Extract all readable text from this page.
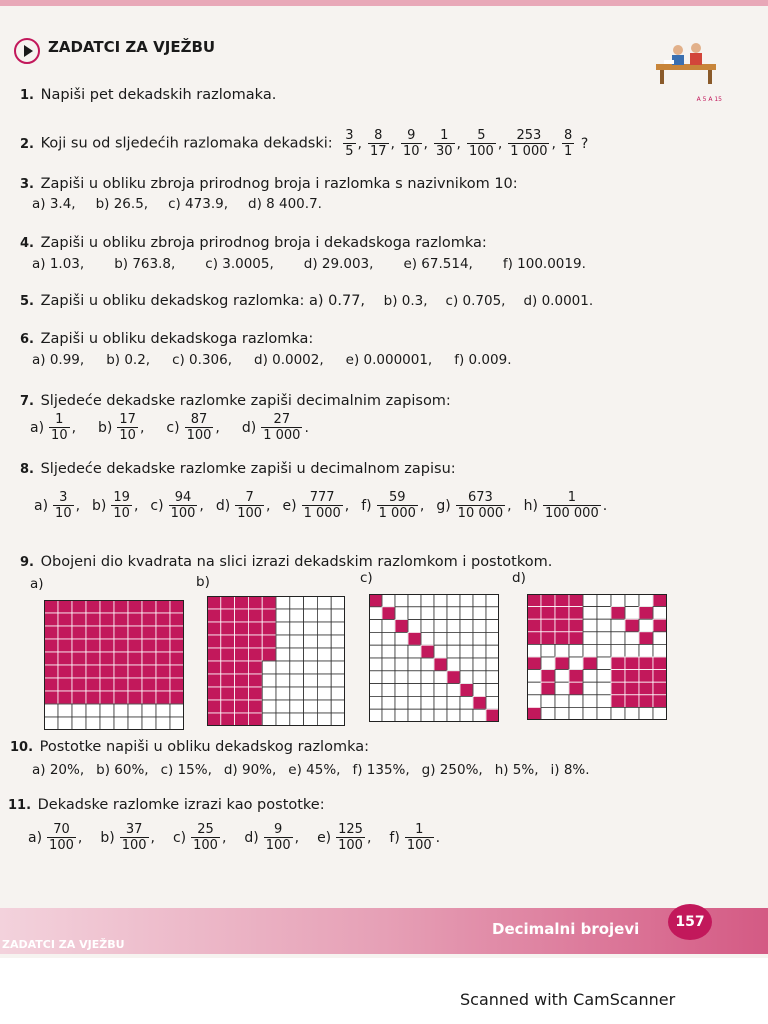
ZADATCI ZA VJEŽBU
A 5 A 15
1. Napiši pet dekadskih razlomaka.
2. Koji su od sljedećih razlomaka dekadski: $\frac{3}{5}$ , $\frac{8}{17}$ , $\frac{9}{10}$ , $\frac{1}{30}$ , $\frac{5}{100}$ , $\frac{253}{1 000}$ , $\frac{8}{1}$ ?
3. Zapiši u obliku zbroja prirodnog broja i razlomka s nazivnikom 10:
a) 3.4, b) 26.5, c) 473.9, d) 8 400.7.
4. Zapiši u obliku zbroja prirodnog broja i dekadskoga razlomka:
a) 1.03, b) 763.8, c) 3.0005, d) 29.003, e) 67.514, f) 100.0019.
5. Zapiši u obliku dekadskog razlomka: a) 0.77, b) 0.3, c) 0.705, d) 0.0001.
6. Zapiši u obliku dekadskoga razlomka:
a) 0.99, b) 0.2, c) 0.306, d) 0.0002, e) 0.000001, f) 0.009.
7. Sljedeće dekadske razlomke zapiši decimalnim zapisom:
$a) \frac{1}{10}$ , $b) \frac{17}{10}$ , $c) \frac{87}{100}$ , $d) \frac{27}{1 000}$ .
8. Sljedeće dekadske razlomke zapiši u decimalnom zapisu:
$a) \frac{3}{10}$ , $b) \frac{19}{10}$ , $c) \frac{94}{100}$ , $d) \frac{7}{100}$ , $e) \frac{777}{1 000}$ , $f) \frac{59}{1 000}$ , $g) \frac{673}{10 000}$ , $h) \frac{1}{100 000}$ .
9. Obojeni dio kvadrata na slici izrazi dekadskim razlomkom i postotkom.
a)	b)	c)	d)
10. Postotke napiši u obliku dekadskog razlomka:
a) 20%, b) 60%, c) 15%, d) 90%, e) 45%, f) 135%, g) 250%, h) 5%, i) 8%.
11. Dekadske razlomke izrazi kao postotke:
$a) \frac{70}{100}$ , $b) \frac{37}{100}$ , $c) \frac{25}{100}$ , $d) \frac{9}{100}$ , $e) \frac{125}{100}$ , $f) \frac{1}{100}$ .
ZADATCI ZA VJEŽBU
Decimalni brojevi	157
Scanned with CamScanner
